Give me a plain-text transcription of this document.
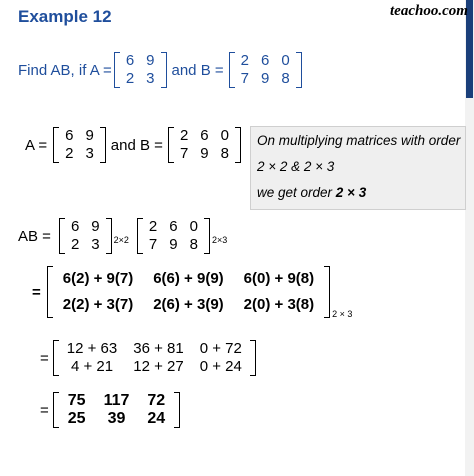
Example 12	teachoo.com
Find AB, if A =
6	9
2	3 and B =
2	6	0
7	9	8
A =
6	9
2	3 and B =
2	6	0
7	9	8
On multiplying matrices with order
2 × 2 & 2 × 3
we get order 2 × 3
AB =
6	9
2	3 2×2
2	6	0
7	9	8 2×3
=
6(2) + 9(7)	6(6) + 9(9)	6(0) + 9(8)
2(2) + 3(7)	2(6) + 3(9)	2(0) + 3(8)
2 × 3
=
12 + 63	36 + 81	0 + 72
4 + 21	12 + 27	0 + 24
=
75	117	72
25	39	24
